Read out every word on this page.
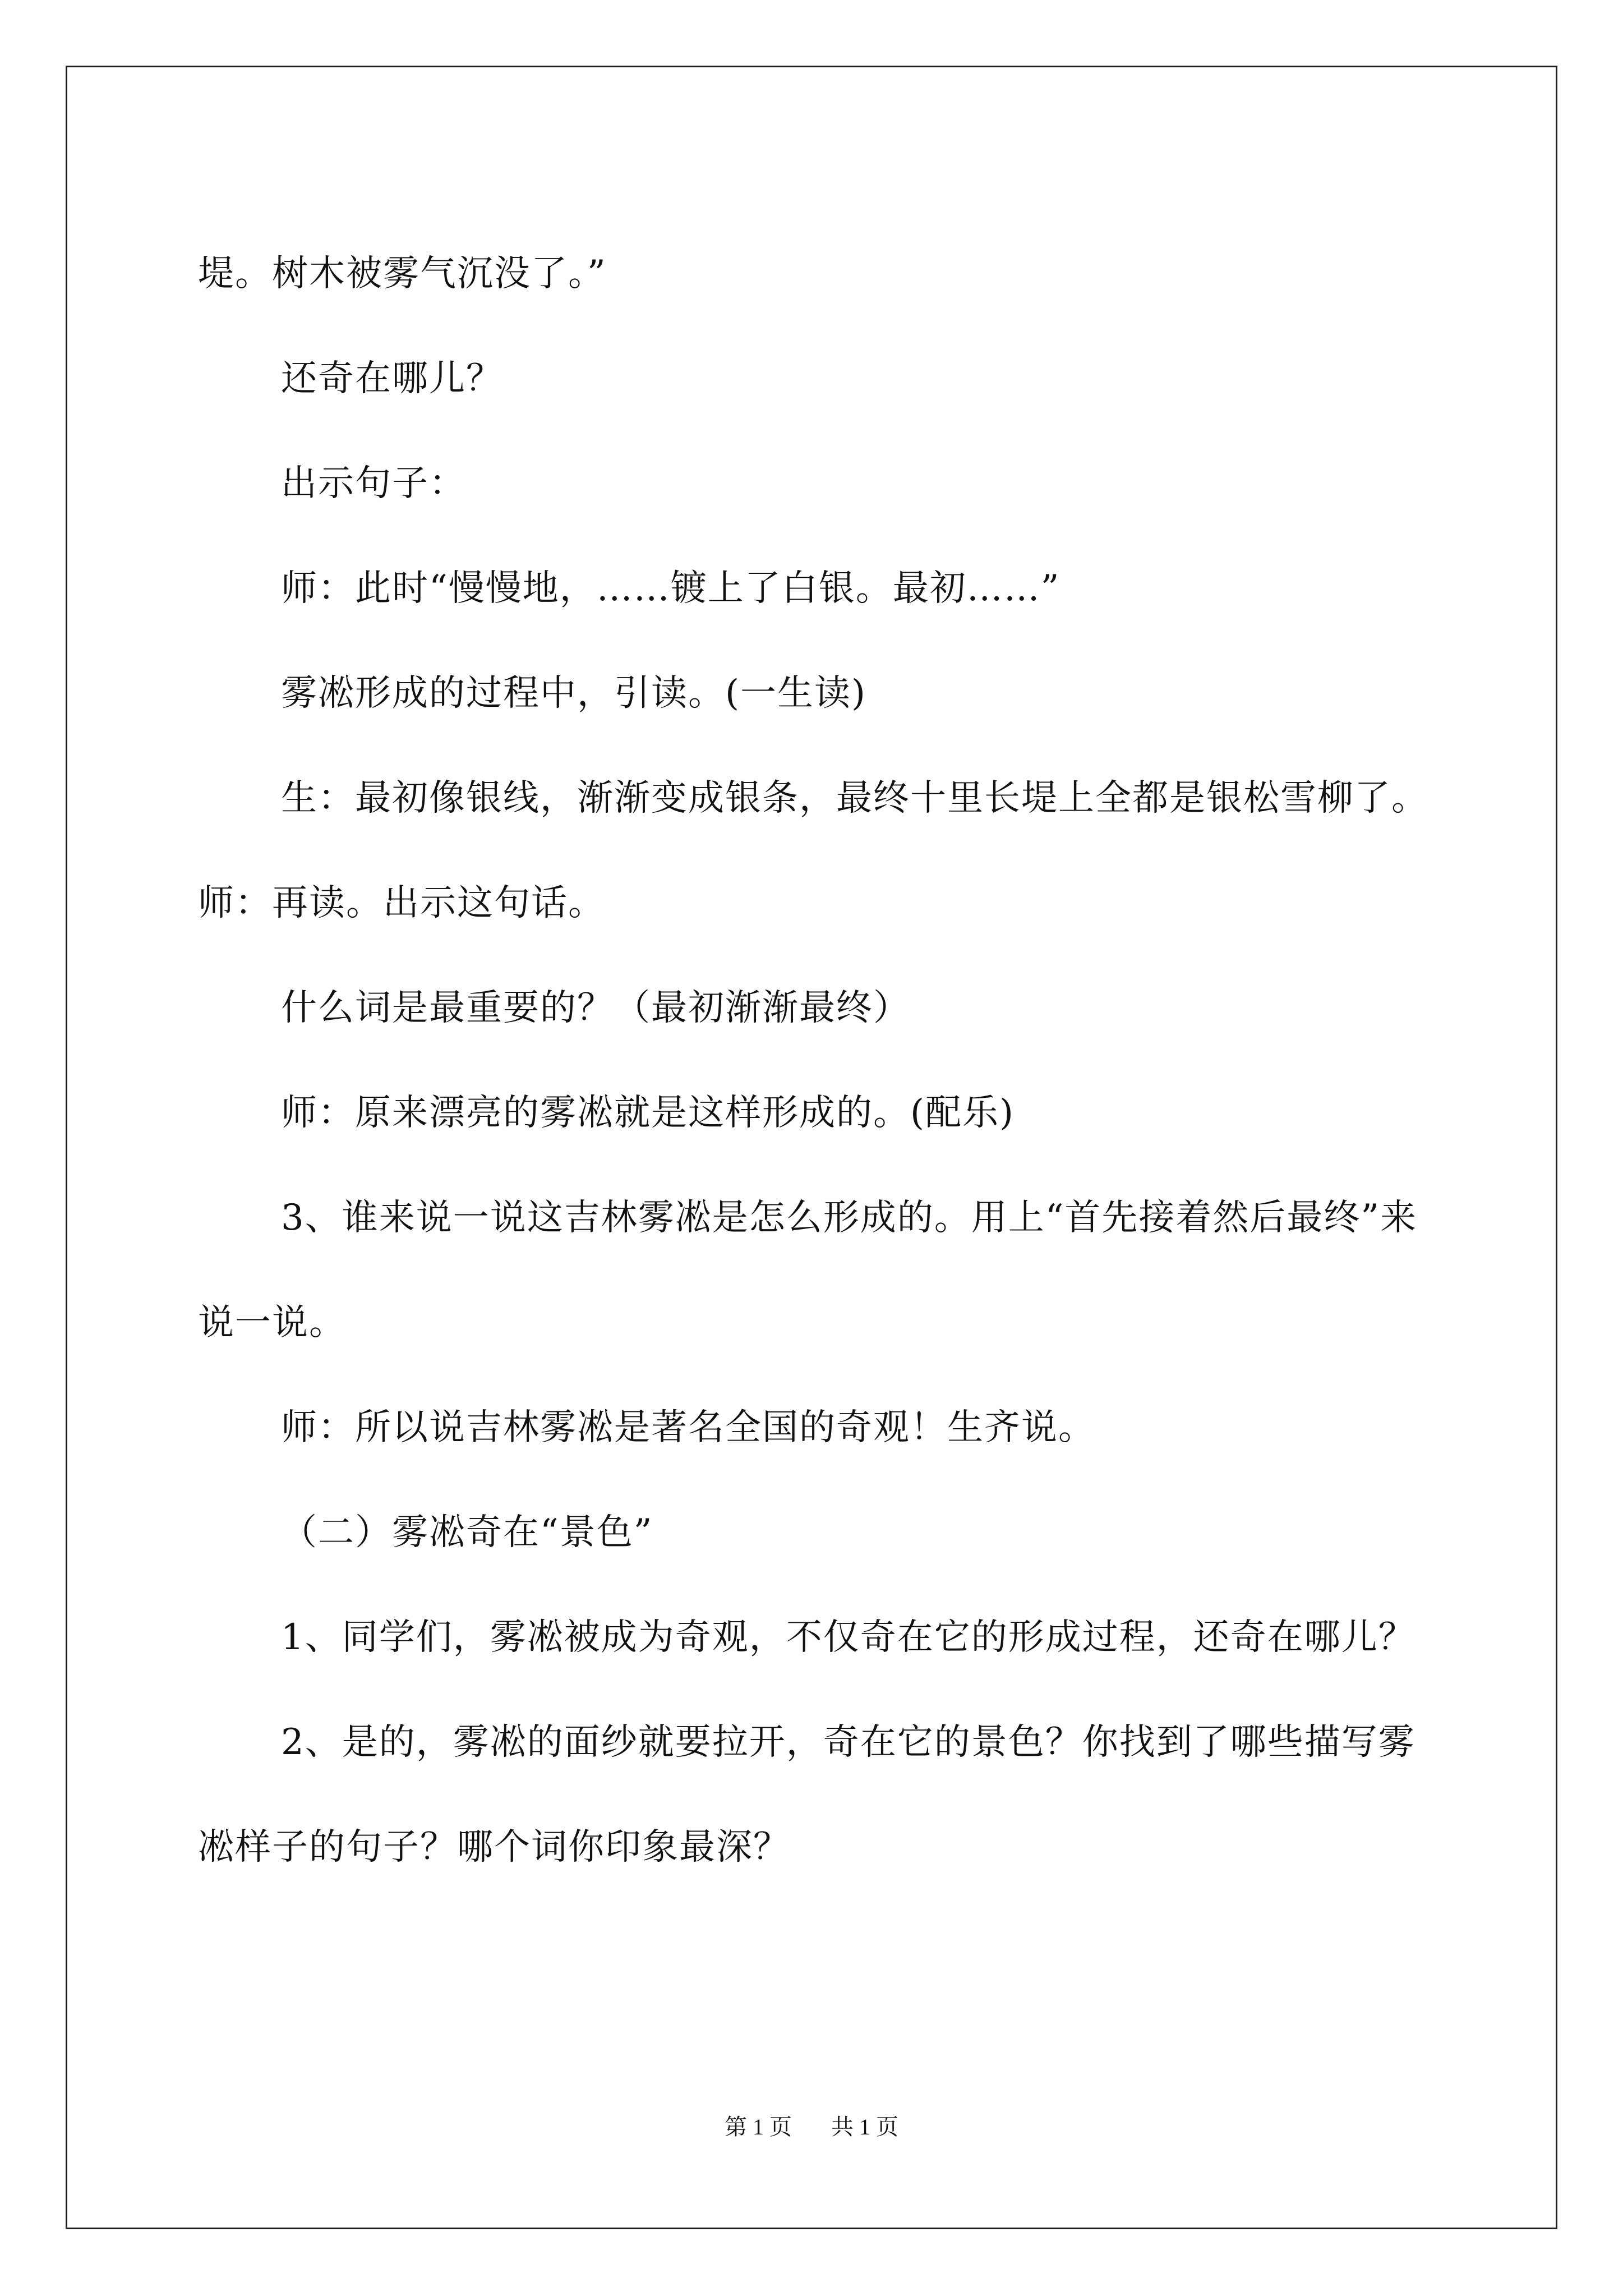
堤。树木被雾气沉没了。”

还奇在哪儿？

出示句子：

师：此时“慢慢地，……镀上了白银。最初……”

雾凇形成的过程中，引读。(一生读)

生：最初像银线，渐渐变成银条，最终十里长堤上全都是银松雪柳了。师：再读。出示这句话。

什么词是最重要的？（最初渐渐最终）

师：原来漂亮的雾凇就是这样形成的。(配乐)

3、谁来说一说这吉林雾凇是怎么形成的。用上“首先接着然后最终”来说一说。

师：所以说吉林雾凇是著名全国的奇观！生齐说。

（二）雾凇奇在“景色”

1、同学们，雾凇被成为奇观，不仅奇在它的形成过程，还奇在哪儿？

2、是的，雾凇的面纱就要拉开，奇在它的景色？你找到了哪些描写雾凇样子的句子？哪个词你印象最深？

第 1 页 共 1 页
